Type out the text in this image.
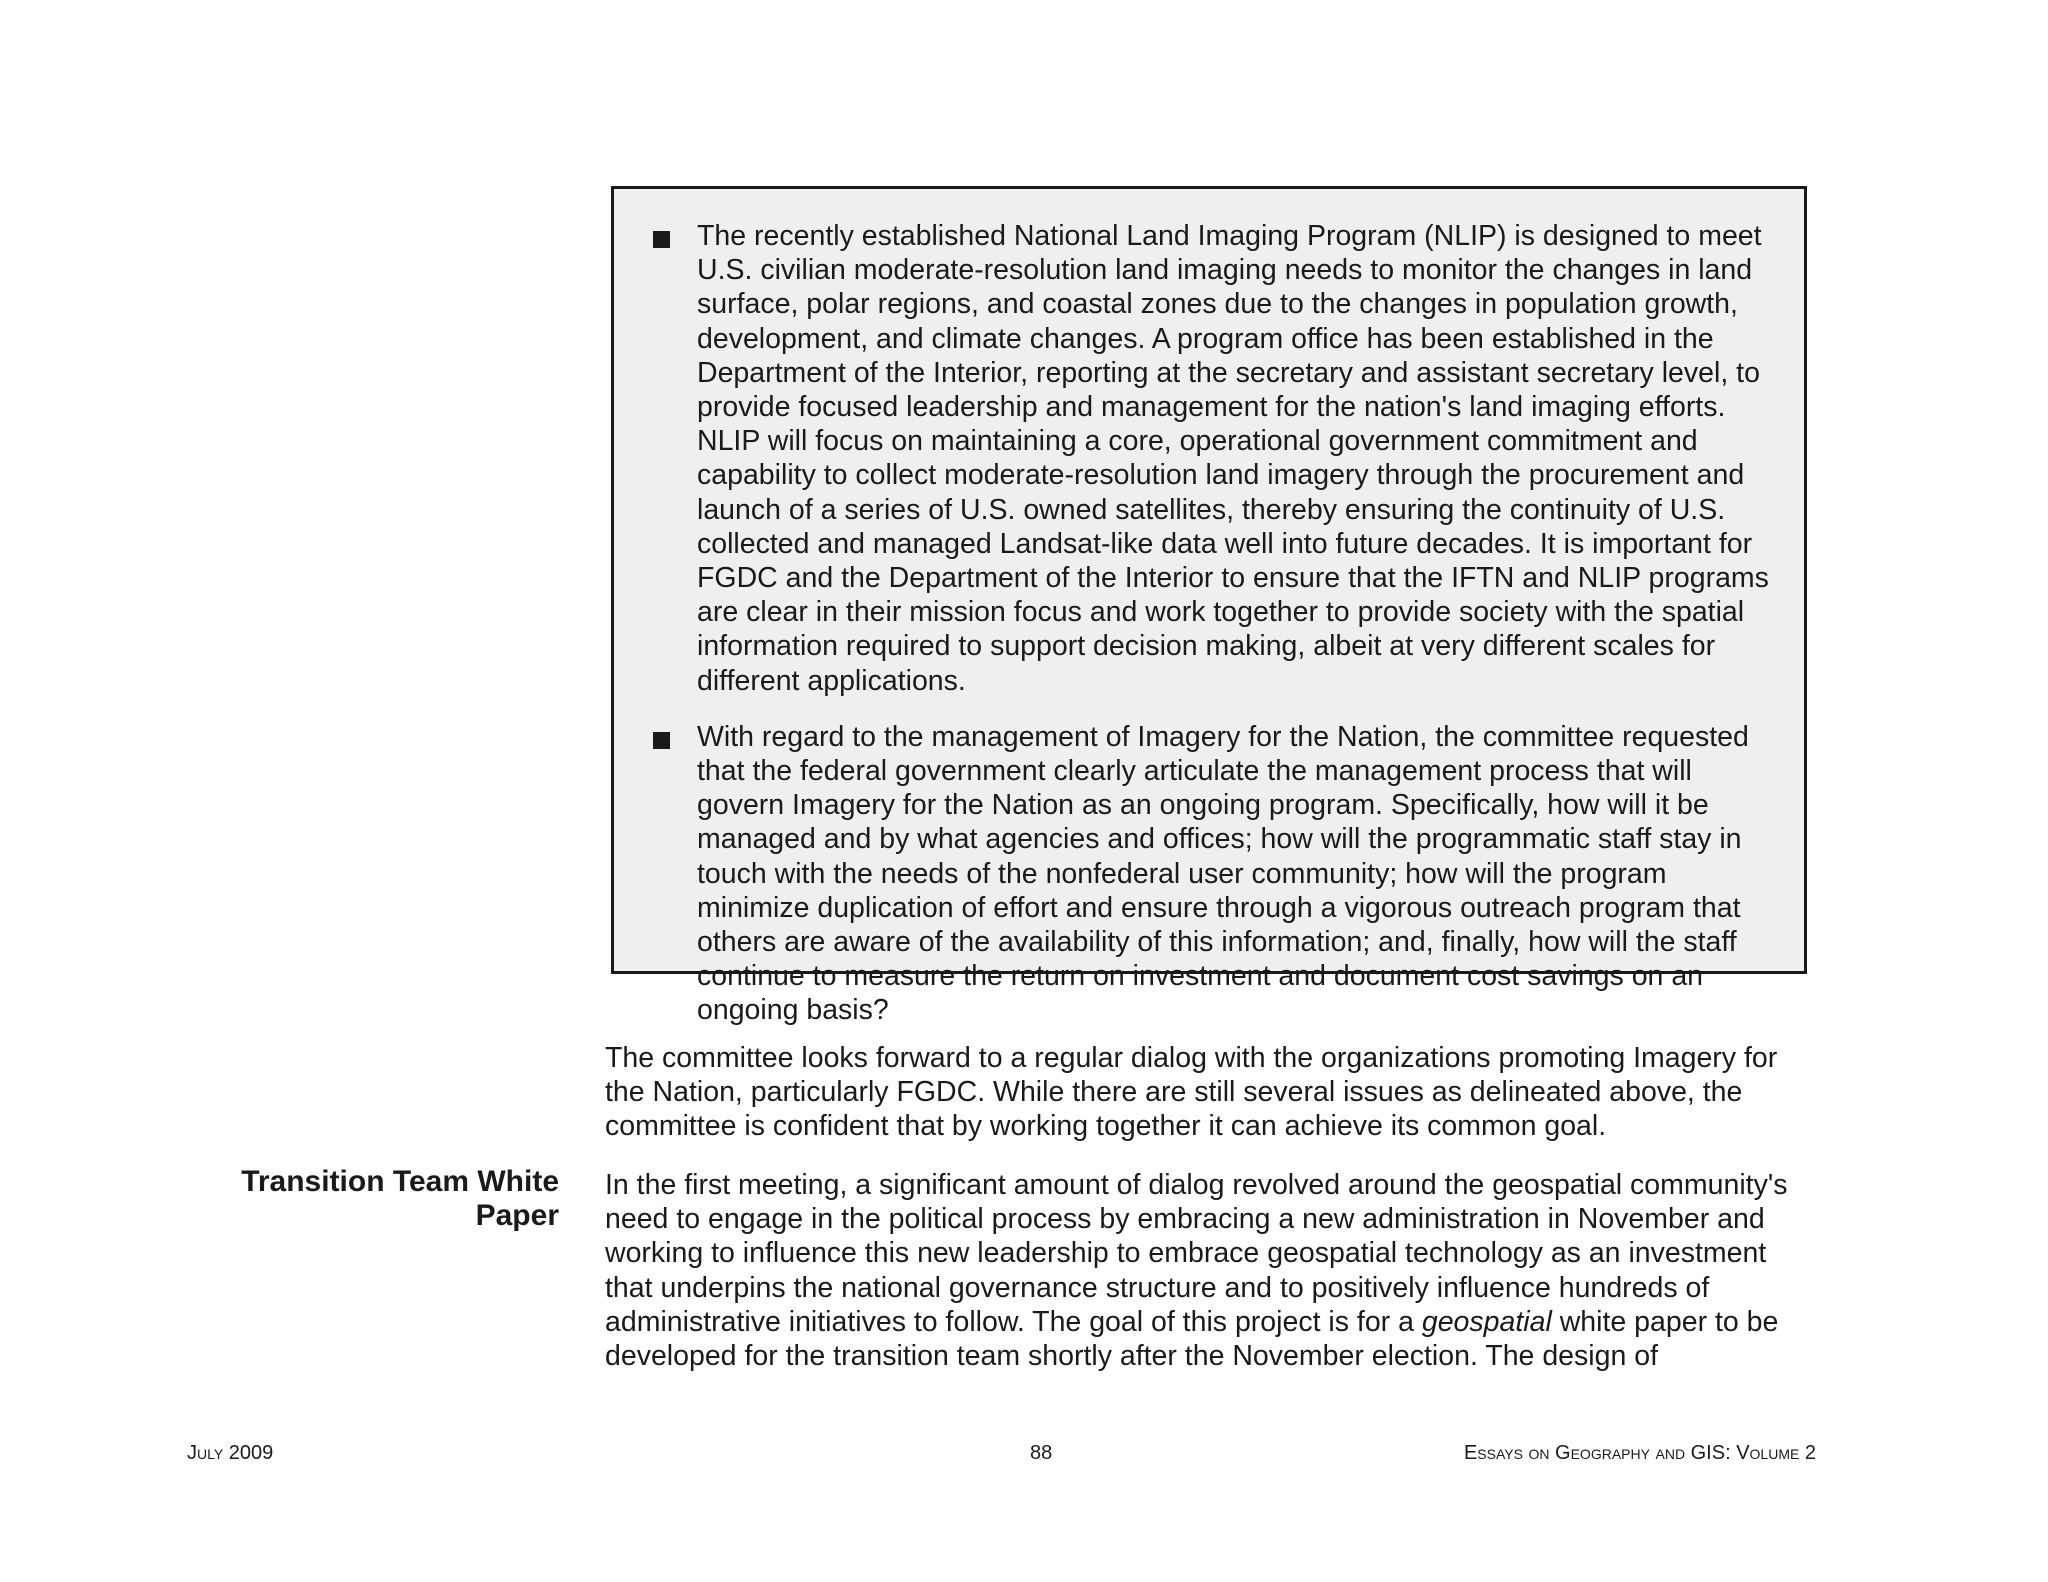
The recently established National Land Imaging Program (NLIP) is designed to meet U.S. civilian moderate-resolution land imaging needs to monitor the changes in land surface, polar regions, and coastal zones due to the changes in population growth, development, and climate changes. A program office has been established in the Department of the Interior, reporting at the secretary and assistant secretary level, to provide focused leadership and management for the nation's land imaging efforts. NLIP will focus on maintaining a core, operational government commitment and capability to collect moderate-resolution land imagery through the procurement and launch of a series of U.S. owned satellites, thereby ensuring the continuity of U.S. collected and managed Landsat-like data well into future decades. It is important for FGDC and the Department of the Interior to ensure that the IFTN and NLIP programs are clear in their mission focus and work together to provide society with the spatial information required to support decision making, albeit at very different scales for different applications.

With regard to the management of Imagery for the Nation, the committee requested that the federal government clearly articulate the management process that will govern Imagery for the Nation as an ongoing program. Specifically, how will it be managed and by what agencies and offices; how will the programmatic staff stay in touch with the needs of the nonfederal user community; how will the program minimize duplication of effort and ensure through a vigorous outreach program that others are aware of the availability of this information; and, finally, how will the staff continue to measure the return on investment and document cost savings on an ongoing basis?

The committee looks forward to a regular dialog with the organizations promoting Imagery for the Nation, particularly FGDC. While there are still several issues as delineated above, the committee is confident that by working together it can achieve its common goal.

Transition Team White Paper

In the first meeting, a significant amount of dialog revolved around the geospatial community's need to engage in the political process by embracing a new administration in November and working to influence this new leadership to embrace geospatial technology as an investment that underpins the national governance structure and to positively influence hundreds of administrative initiatives to follow. The goal of this project is for a geospatial white paper to be developed for the transition team shortly after the November election. The design of

July 2009	88	Essays on Geography and GIS: Volume 2
